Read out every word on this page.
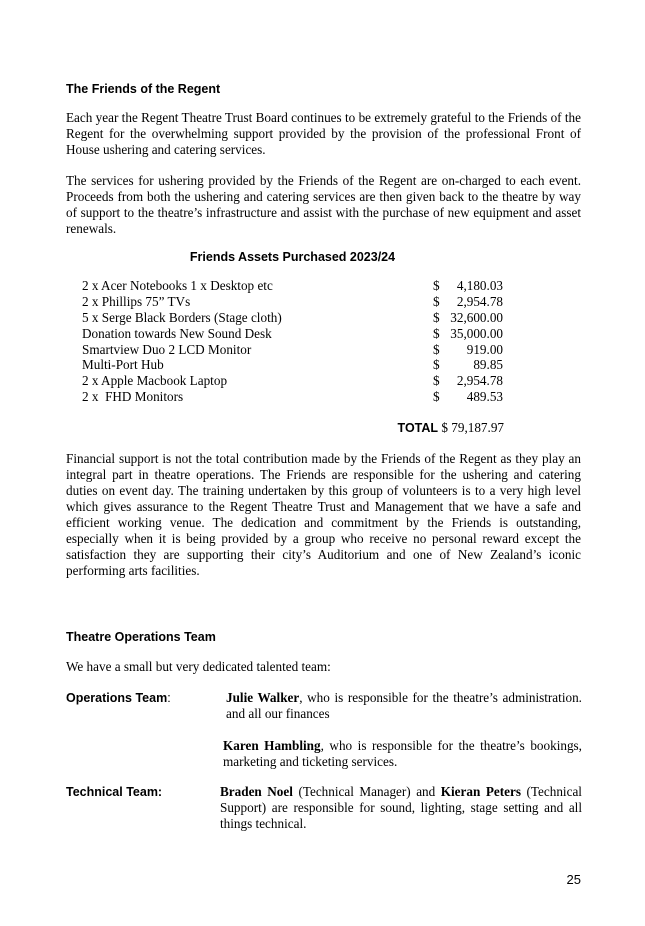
The Friends of the Regent

Each year the Regent Theatre Trust Board continues to be extremely grateful to the Friends of the Regent for the overwhelming support provided by the provision of the professional Front of House ushering and catering services.

The services for ushering provided by the Friends of the Regent are on-charged to each event. Proceeds from both the ushering and catering services are then given back to the theatre by way of support to the theatre’s infrastructure and assist with the purchase of new equipment and asset renewals.

Friends Assets Purchased 2023/24
2 x Acer Notebooks 1 x Desktop etc	$ 4,180.03
2 x Phillips 75” TVs	$ 2,954.78
5 x Serge Black Borders (Stage cloth)	$ 32,600.00
Donation towards New Sound Desk	$ 35,000.00
Smartview Duo 2 LCD Monitor	$ 919.00
Multi-Port Hub	$	89.85
2 x Apple Macbook Laptop	$ 2,954.78
2 x  FHD Monitors	$ 489.53
TOTAL $ 79,187.97

Financial support is not the total contribution made by the Friends of the Regent as they play an integral part in theatre operations. The Friends are responsible for the ushering and catering duties on event day. The training undertaken by this group of volunteers is to a very high level which gives assurance to the Regent Theatre Trust and Management that we have a safe and efficient working venue. The dedication and commitment by the Friends is outstanding, especially when it is being provided by a group who receive no personal reward except the satisfaction they are supporting their city’s Auditorium and one of New Zealand’s iconic performing arts facilities.

Theatre Operations Team

We have a small but very dedicated talented team:

Operations Team:	Julie Walker, who is responsible for the theatre’s administration. and all our finances

Karen Hambling, who is responsible for the theatre’s bookings, marketing and ticketing services.

Technical Team:	Braden Noel (Technical Manager) and Kieran Peters (Technical Support) are responsible for sound, lighting, stage setting and all things technical.

25
